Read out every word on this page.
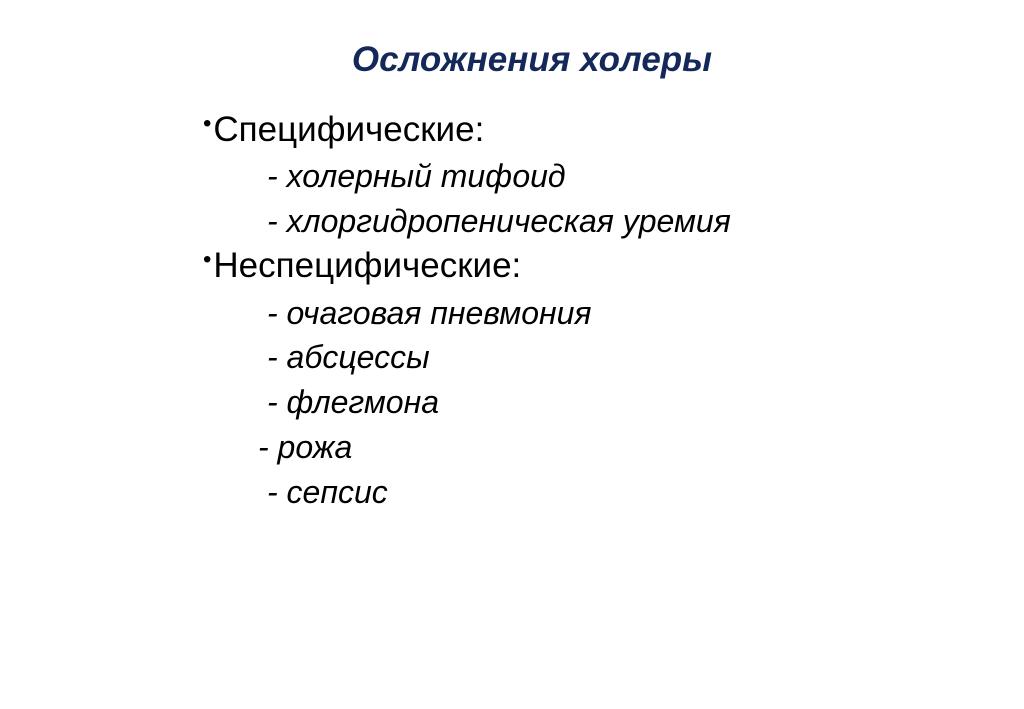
Осложнения холеры
•Специфические:
- холерный тифоид
- хлоргидропеническая уремия
•Неспецифические:
- очаговая пневмония
- абсцессы
- флегмона
- рожа
- сепсис
